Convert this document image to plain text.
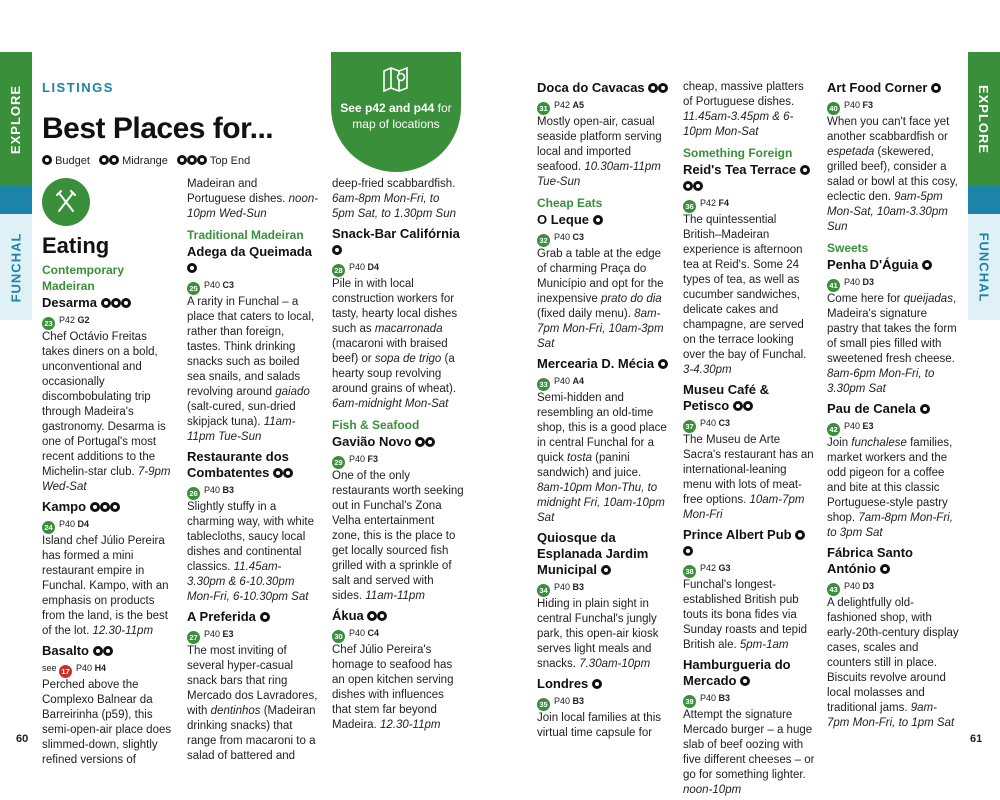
EXPLORE
FUNCHAL
EXPLORE
FUNCHAL
60	61
LISTINGS
Best Places for...
Budget	Midrange	Top End
Eating
See p42 and p44 for
map of locations
Contemporary Madeiran
Desarma
23 P42 G2

Chef Octávio Freitas takes diners on a bold, unconventional and occasionally discombobulating trip through Madeira's gastronomy. Desarma is one of Portugal's most recent additions to the Michelin-star club. 7-9pm Wed-Sat

Kampo
24 P40 D4

Island chef Júlio Pereira has formed a mini restaurant empire in Funchal. Kampo, with an emphasis on products from the land, is the best of the lot. 12.30-11pm

Basalto
see 17 P40 H4

Perched above the Complexo Balnear da Barreirinha (p59), this semi-open-air place does slimmed-down, slightly refined versions of

Madeiran and Portuguese dishes. noon-10pm Wed-Sun

Traditional Madeiran
Adega da Queimada
25 P40 C3

A rarity in Funchal – a place that caters to local, rather than foreign, tastes. Think drinking snacks such as boiled sea snails, and salads revolving around gaiado (salt-cured, sun-dried skipjack tuna). 11am-11pm Tue-Sun

Restaurante dos Combatentes
26 P40 B3

Slightly stuffy in a charming way, with white tablecloths, saucy local dishes and continental classics. 11.45am-3.30pm & 6-10.30pm Mon-Fri, 6-10.30pm Sat

A Preferida
27 P40 E3

The most inviting of several hyper-casual snack bars that ring Mercado dos Lavradores, with dentinhos (Madeiran drinking snacks) that range from macaroni to a salad of battered and

deep-fried scabbardfish. 6am-8pm Mon-Fri, to 5pm Sat, to 1.30pm Sun

Snack-Bar Califórnia
28 P40 D4

Pile in with local construction workers for tasty, hearty local dishes such as macarronada (macaroni with braised beef) or sopa de trigo (a hearty soup revolving around grains of wheat). 6am-midnight Mon-Sat

Fish & Seafood
Gavião Novo
29 P40 F3

One of the only restaurants worth seeking out in Funchal's Zona Velha entertainment zone, this is the place to get locally sourced fish grilled with a sprinkle of salt and served with sides. 11am-11pm

Ákua
30 P40 C4

Chef Júlio Pereira's homage to seafood has an open kitchen serving dishes with influences that stem far beyond Madeira. 12.30-11pm

Doca do Cavacas
31 P42 A5

Mostly open-air, casual seaside platform serving local and imported seafood. 10.30am-11pm Tue-Sun

Cheap Eats
O Leque
32 P40 C3

Grab a table at the edge of charming Praça do Município and opt for the inexpensive prato do dia (fixed daily menu). 8am-7pm Mon-Fri, 10am-3pm Sat

Mercearia D. Mécia
33 P40 A4

Semi-hidden and resembling an old-time shop, this is a good place in central Funchal for a quick tosta (panini sandwich) and juice. 8am-10pm Mon-Thu, to midnight Fri, 10am-10pm Sat

Quiosque da Esplanada Jardim Municipal
34 P40 B3

Hiding in plain sight in central Funchal's jungly park, this open-air kiosk serves light meals and snacks. 7.30am-10pm

Londres
35 P40 B3

Join local families at this virtual time capsule for

cheap, massive platters of Portuguese dishes. 11.45am-3.45pm & 6-10pm Mon-Sat

Something Foreign
Reid's Tea Terrace
36 P42 F4

The quintessential British–Madeiran experience is afternoon tea at Reid's. Some 24 types of tea, as well as cucumber sandwiches, delicate cakes and champagne, are served on the terrace looking over the bay of Funchal. 3-4.30pm

Museu Café & Petisco
37 P40 C3

The Museu de Arte Sacra's restaurant has an international-leaning menu with lots of meat-free options. 10am-7pm Mon-Fri

Prince Albert Pub
38 P42 G3

Funchal's longest-established British pub touts its bona fides via Sunday roasts and tepid British ale. 5pm-1am

Hamburgueria do Mercado
39 P40 B3

Attempt the signature Mercado burger – a huge slab of beef oozing with five different cheeses – or go for something lighter. noon-10pm

Art Food Corner
40 P40 F3

When you can't face yet another scabbardfish or espetada (skewered, grilled beef), consider a salad or bowl at this cosy, eclectic den. 9am-5pm Mon-Sat, 10am-3.30pm Sun

Sweets
Penha D'Águia
41 P40 D3

Come here for queijadas, Madeira's signature pastry that takes the form of small pies filled with sweetened fresh cheese. 8am-6pm Mon-Fri, to 3.30pm Sat

Pau de Canela
42 P40 E3

Join funchalese families, market workers and the odd pigeon for a coffee and bite at this classic Portuguese-style pastry shop. 7am-8pm Mon-Fri, to 3pm Sat

Fábrica Santo António
43 P40 D3

A delightfully old-fashioned shop, with early-20th-century display cases, scales and counters still in place. Biscuits revolve around local molasses and traditional jams. 9am-7pm Mon-Fri, to 1pm Sat
